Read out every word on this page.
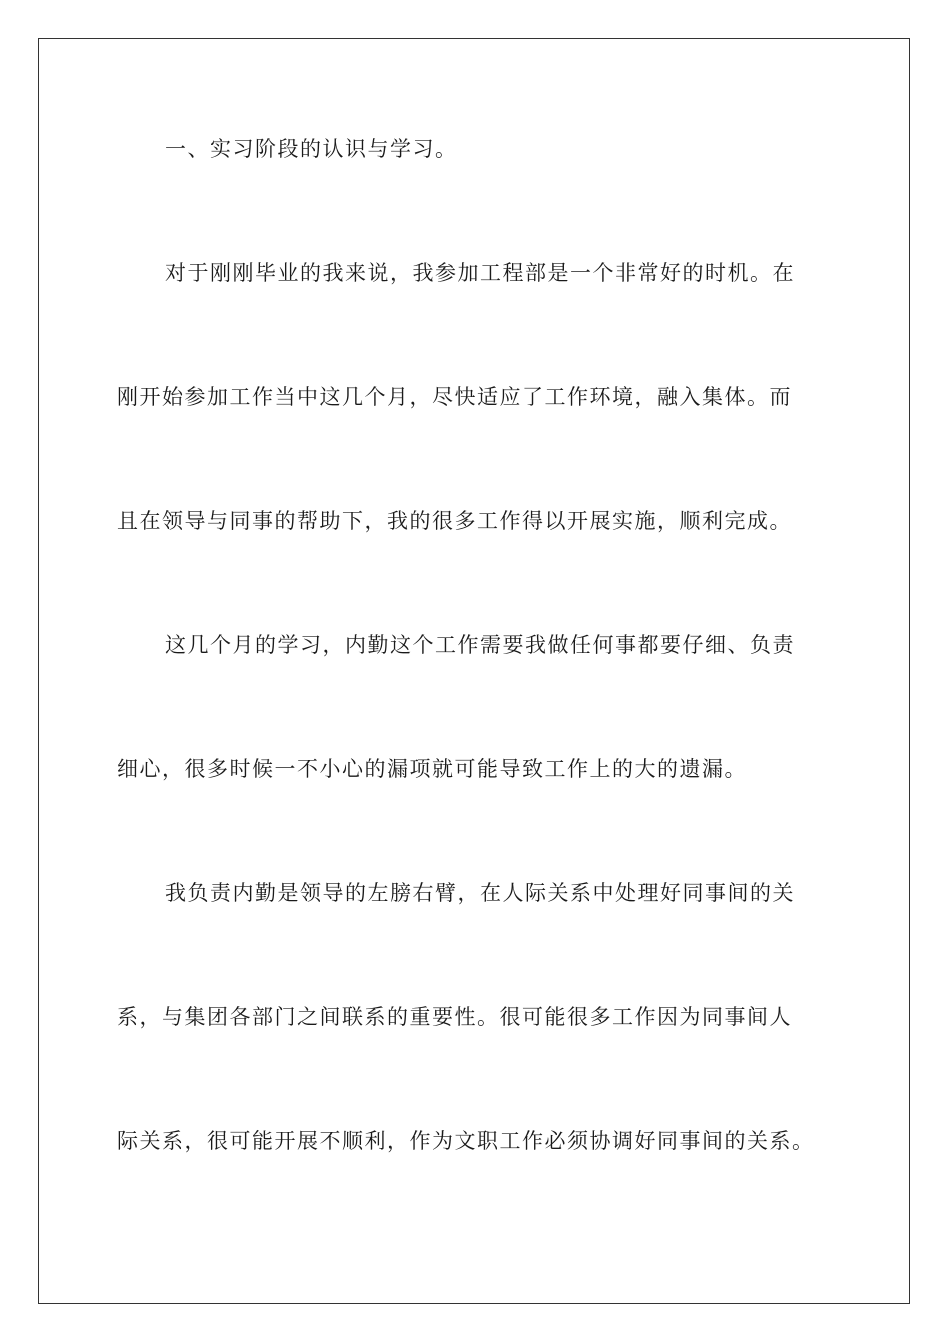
一、实习阶段的认识与学习。

对于刚刚毕业的我来说，我参加工程部是一个非常好的时机。在

刚开始参加工作当中这几个月，尽快适应了工作环境，融入集体。而

且在领导与同事的帮助下，我的很多工作得以开展实施，顺利完成。

这几个月的学习，内勤这个工作需要我做任何事都要仔细、负责

细心，很多时候一不小心的漏项就可能导致工作上的大的遗漏。

我负责内勤是领导的左膀右臂，在人际关系中处理好同事间的关

系，与集团各部门之间联系的重要性。很可能很多工作因为同事间人

际关系，很可能开展不顺利，作为文职工作必须协调好同事间的关系。
